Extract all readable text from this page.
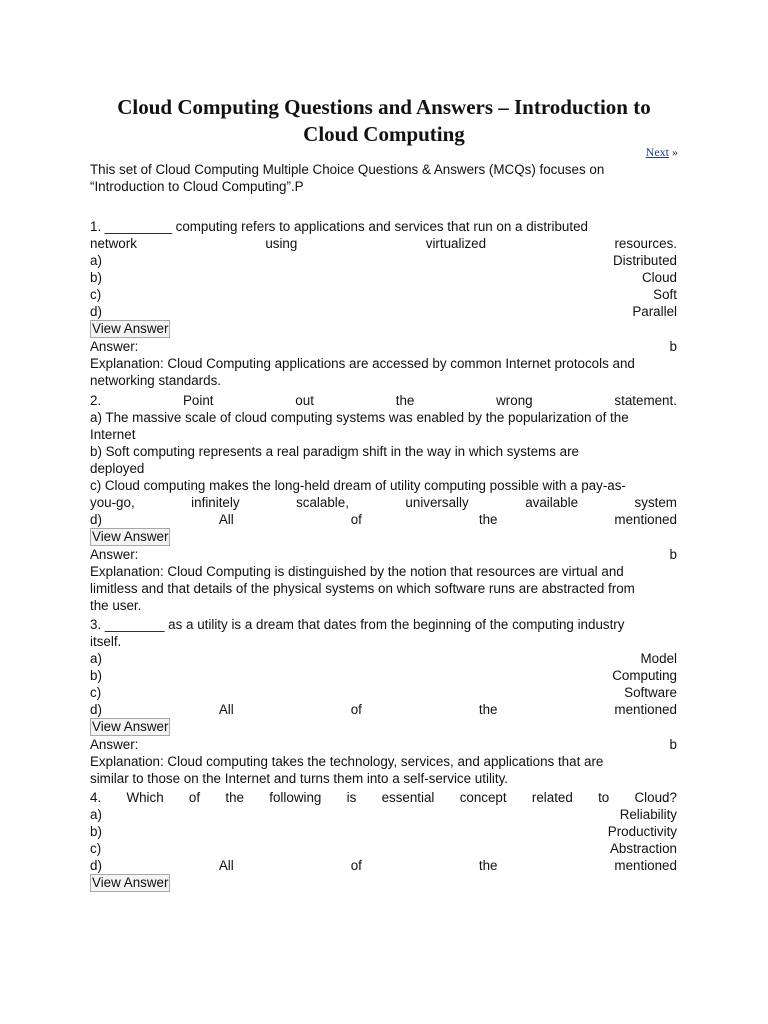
Cloud Computing Questions and Answers – Introduction to
Cloud Computing
Next »
This set of Cloud Computing Multiple Choice Questions & Answers (MCQs) focuses on
“Introduction to Cloud Computing”.P
1. _________ computing refers to applications and services that run on a distributed
network	using	virtualized	resources.
a)	Distributed
b)	Cloud
c)	Soft
d)	Parallel
View Answer
Answer:	b
Explanation: Cloud Computing applications are accessed by common Internet protocols and
networking standards.
2.	Point	out	the	wrong	statement.
a) The massive scale of cloud computing systems was enabled by the popularization of the
Internet
b) Soft computing represents a real paradigm shift in the way in which systems are
deployed
c) Cloud computing makes the long-held dream of utility computing possible with a pay-as-
you-go,	infinitely	scalable,	universally	available	system
d)	All	of	the	mentioned
View Answer
Answer:	b
Explanation: Cloud Computing is distinguished by the notion that resources are virtual and
limitless and that details of the physical systems on which software runs are abstracted from
the user.
3. ________ as a utility is a dream that dates from the beginning of the computing industry
itself.
a)	Model
b)	Computing
c)	Software
d)	All	of	the	mentioned
View Answer
Answer:	b
Explanation: Cloud computing takes the technology, services, and applications that are
similar to those on the Internet and turns them into a self-service utility.
4. Which of the following is essential concept related to Cloud?
a)	Reliability
b)	Productivity
c)	Abstraction
d)	All	of	the	mentioned
View Answer
